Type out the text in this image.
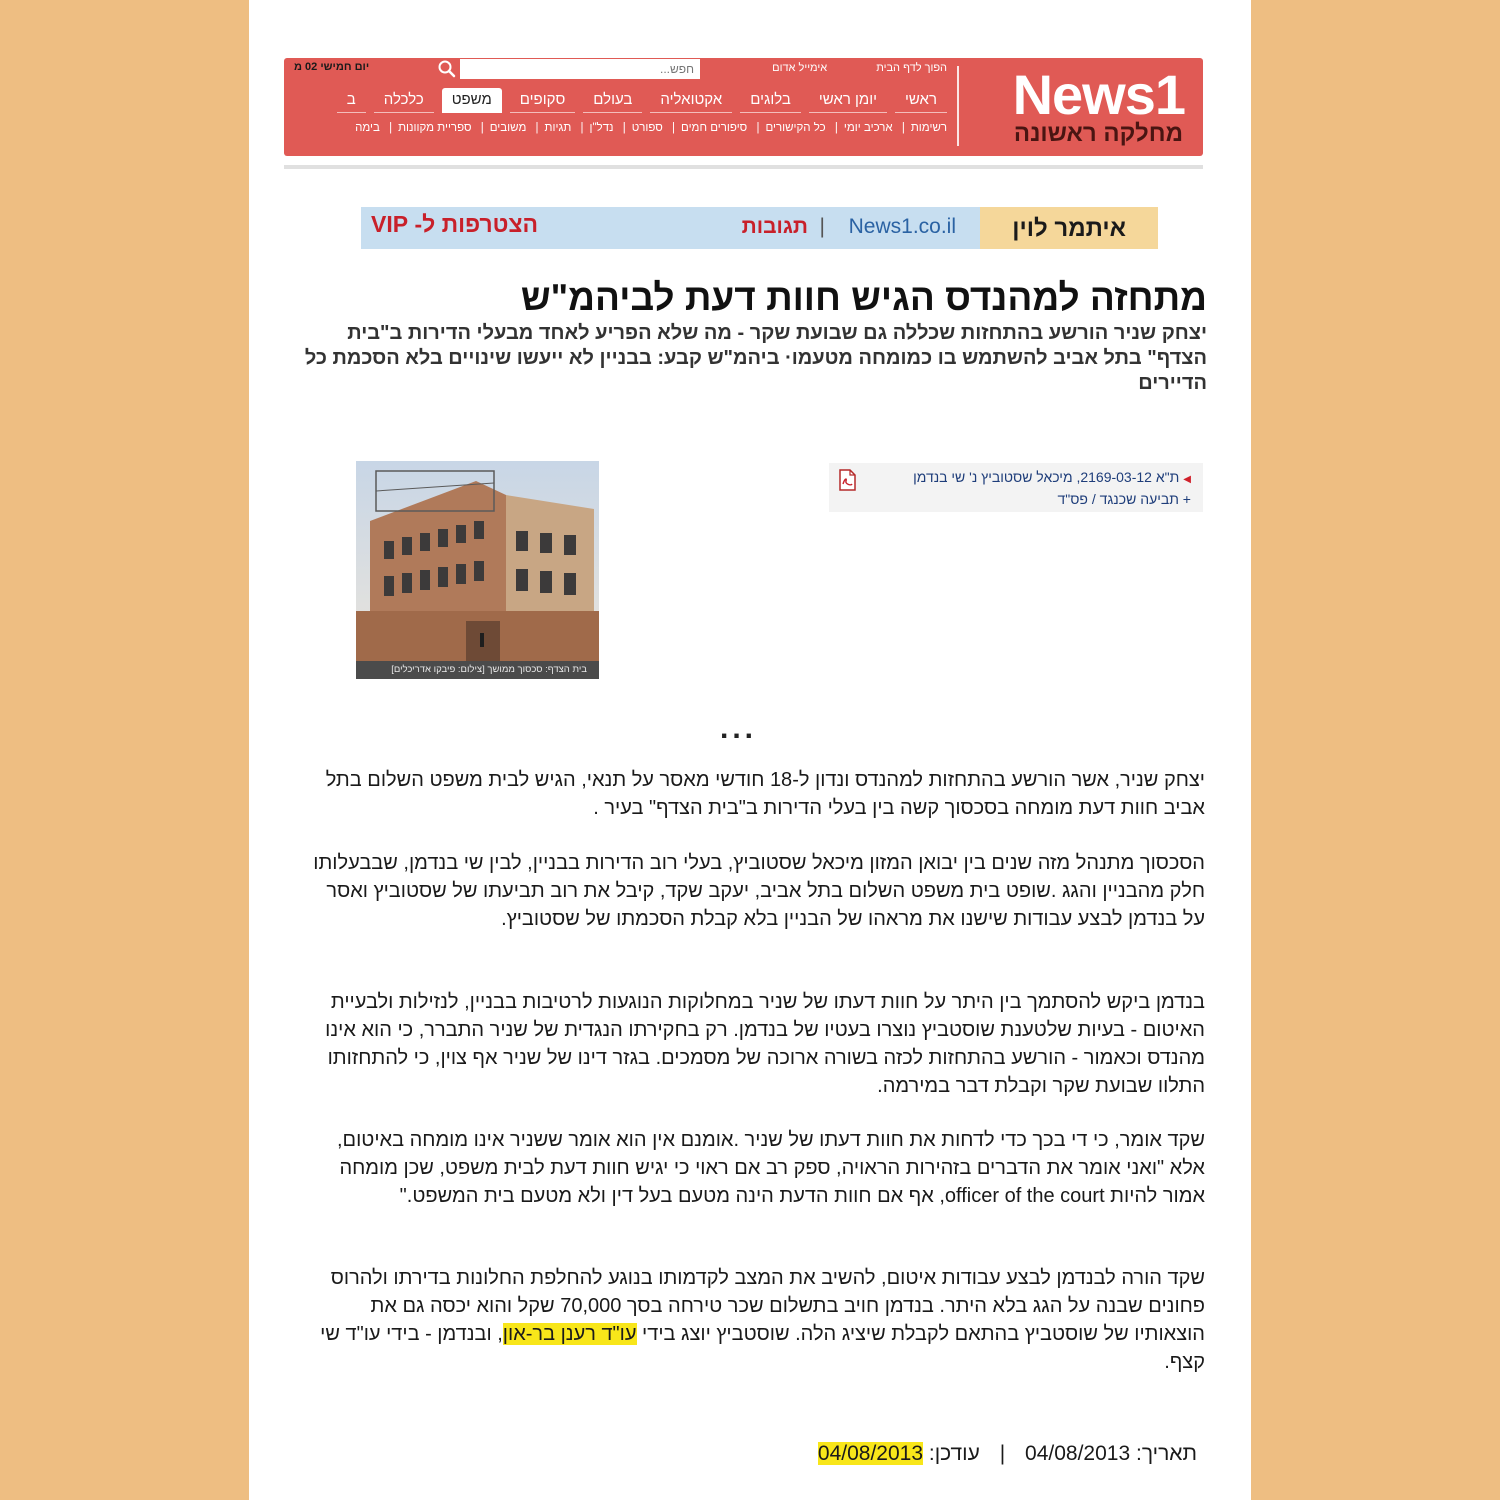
News1
מחלקה ראשונה
הפוך לדף הבית אימייל אדום
חפש...
יום חמישי 02 מ
ראשי
יומן ראשי
בלוגים
אקטואליה
בעולם
סקופים
משפט
כלכלה
ב
רשימות| ארכיב יומי| כל הקישורים| סיפורים חמים| ספורט| נדל"ן| תגיות| משובים| ספריית מקוונות| בימה
איתמר לוין
News1.co.il
|
תגובות
הצטרפות ל- VIP
מתחזה למהנדס הגיש חוות דעת לביהמ"ש

יצחק שניר הורשע בהתחזות שכללה גם שבועת שקר - מה שלא הפריע לאחד מבעלי הדירות ב"בית הצדף" בתל אביב להשתמש בו כמומחה מטעמו· ביהמ"ש קבע: בבניין לא ייעשו שינויים בלא הסכמת כל הדיירים

◀ת"א 2169-03-12, מיכאל שסטוביץ נ' שי בנדמן
+ תביעה שכנגד / פס"ד
בית הצדף: סכסוך ממושך [צילום: פיבקו אדריכלים]
...

יצחק שניר, אשר הורשע בהתחזות למהנדס ונדון ל-18 חודשי מאסר על תנאי, הגיש לבית משפט השלום בתל אביב חוות דעת מומחה בסכסוך קשה בין בעלי הדירות ב"בית הצדף" בעיר .

הסכסוך מתנהל מזה שנים בין יבואן המזון מיכאל שסטוביץ, בעלי רוב הדירות בבניין, לבין שי בנדמן, שבבעלותו חלק מהבניין והגג .שופט בית משפט השלום בתל אביב, יעקב שקד, קיבל את רוב תביעתו של שסטוביץ ואסר על בנדמן לבצע עבודות שישנו את מראהו של הבניין בלא קבלת הסכמתו של שסטוביץ.

בנדמן ביקש להסתמך בין היתר על חוות דעתו של שניר במחלוקות הנוגעות לרטיבות בבניין, לנזילות ולבעיית האיטום - בעיות שלטענת שוסטביץ נוצרו בעטיו של בנדמן. רק בחקירתו הנגדית של שניר התברר, כי הוא אינו מהנדס וכאמור - הורשע בהתחזות לכזה בשורה ארוכה של מסמכים. בגזר דינו של שניר אף צוין, כי להתחזותו התלוו שבועת שקר וקבלת דבר במירמה.

שקד אומר, כי די בכך כדי לדחות את חוות דעתו של שניר .אומנם אין הוא אומר ששניר אינו מומחה באיטום, אלא "ואני אומר את הדברים בזהירות הראויה, ספק רב אם ראוי כי יגיש חוות דעת לבית משפט, שכן מומחה אמור להיות officer of the court, אף אם חוות הדעת הינה מטעם בעל דין ולא מטעם בית המשפט."

שקד הורה לבנדמן לבצע עבודות איטום, להשיב את המצב לקדמותו בנוגע להחלפת החלונות בדירתו ולהרוס פחונים שבנה על הגג בלא היתר. בנדמן חויב בתשלום שכר טירחה בסך 70,000 שקל והוא יכסה גם את הוצאותיו של שוסטביץ בהתאם לקבלת שיציג הלה. שוסטביץ יוצג בידי עו"ד רענן בר-און, ובנדמן - בידי עו"ד שי קצף.

תאריך: 04/08/2013 | עודכן: 04/08/2013
